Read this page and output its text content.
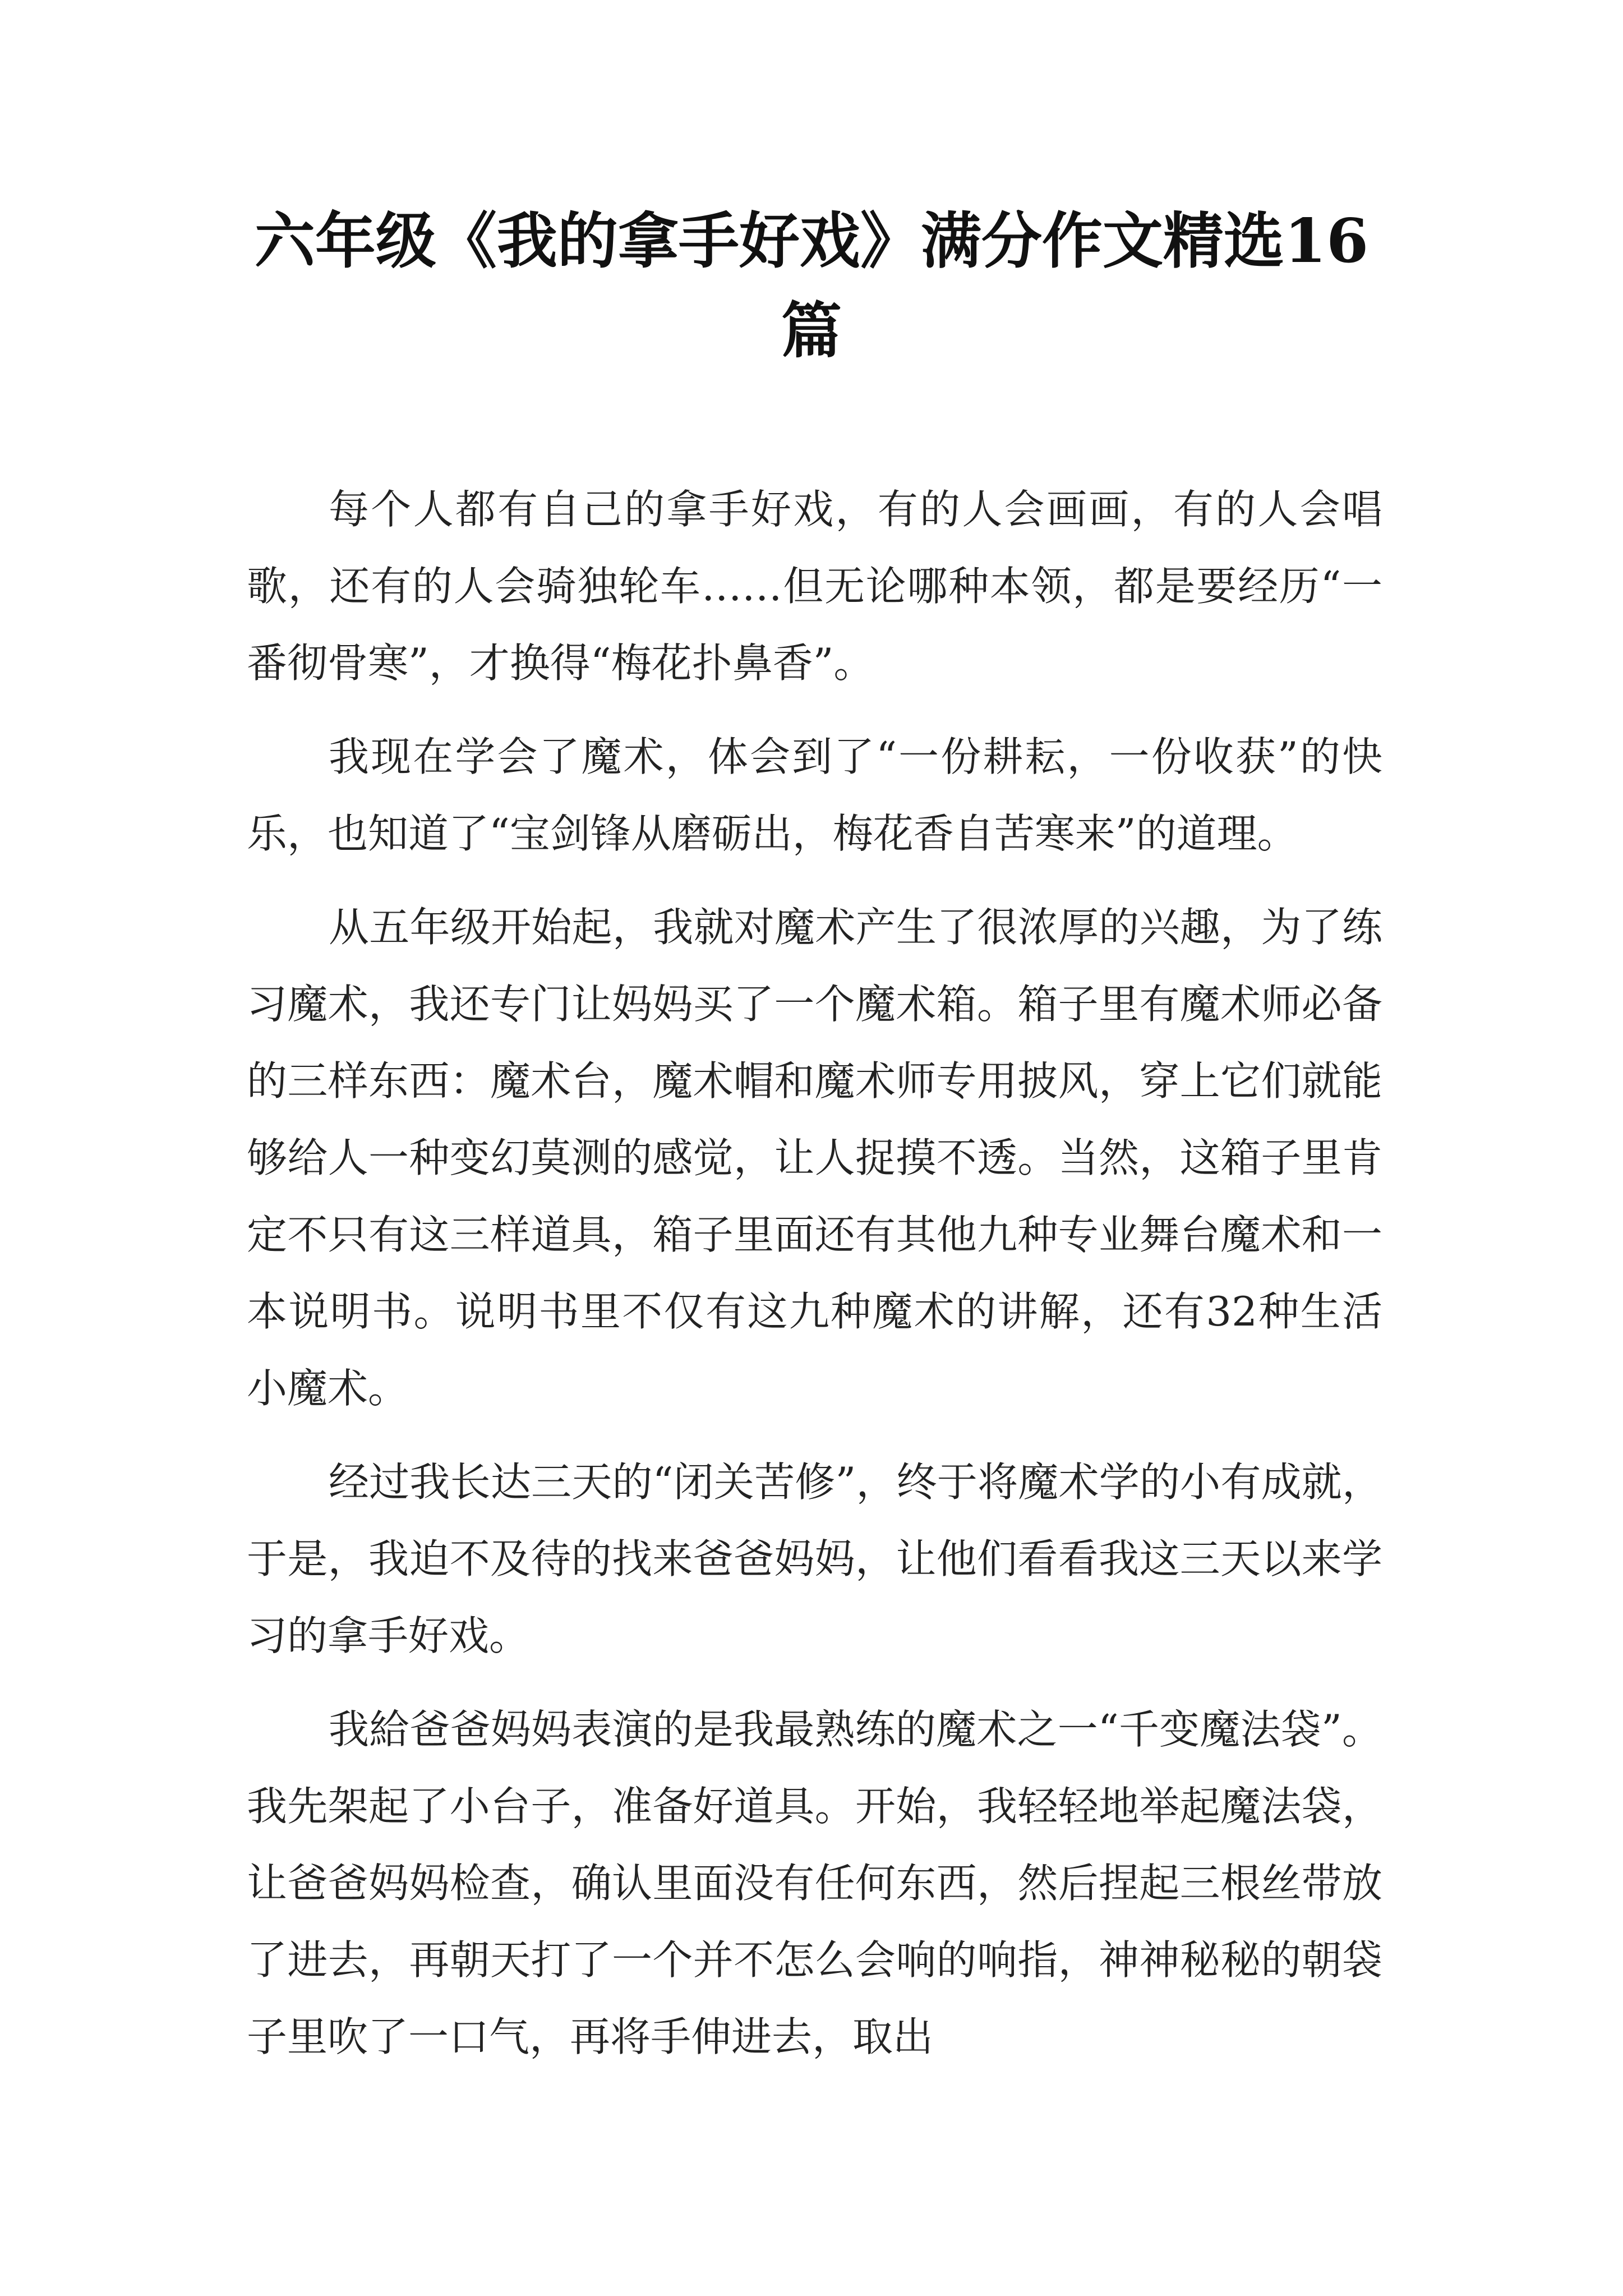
六年级《我的拿手好戏》满分作文精选16篇

每个人都有自己的拿手好戏，有的人会画画，有的人会唱歌，还有的人会骑独轮车……但无论哪种本领，都是要经历“一番彻骨寒”，才换得“梅花扑鼻香”。

我现在学会了魔术，体会到了“一份耕耘，一份收获”的快乐，也知道了“宝剑锋从磨砺出，梅花香自苦寒来”的道理。

从五年级开始起，我就对魔术产生了很浓厚的兴趣，为了练习魔术，我还专门让妈妈买了一个魔术箱。箱子里有魔术师必备的三样东西：魔术台，魔术帽和魔术师专用披风，穿上它们就能够给人一种变幻莫测的感觉，让人捉摸不透。当然，这箱子里肯定不只有这三样道具，箱子里面还有其他九种专业舞台魔术和一本说明书。说明书里不仅有这九种魔术的讲解，还有32种生活小魔术。

经过我长达三天的“闭关苦修”，终于将魔术学的小有成就，于是，我迫不及待的找来爸爸妈妈，让他们看看我这三天以来学习的拿手好戏。

我給爸爸妈妈表演的是我最熟练的魔术之一“千变魔法袋”。我先架起了小台子，准备好道具。开始，我轻轻地举起魔法袋，让爸爸妈妈检查，确认里面没有任何东西，然后捏起三根丝带放了进去，再朝天打了一个并不怎么会响的响指，神神秘秘的朝袋子里吹了一口气，再将手伸进去，取出
